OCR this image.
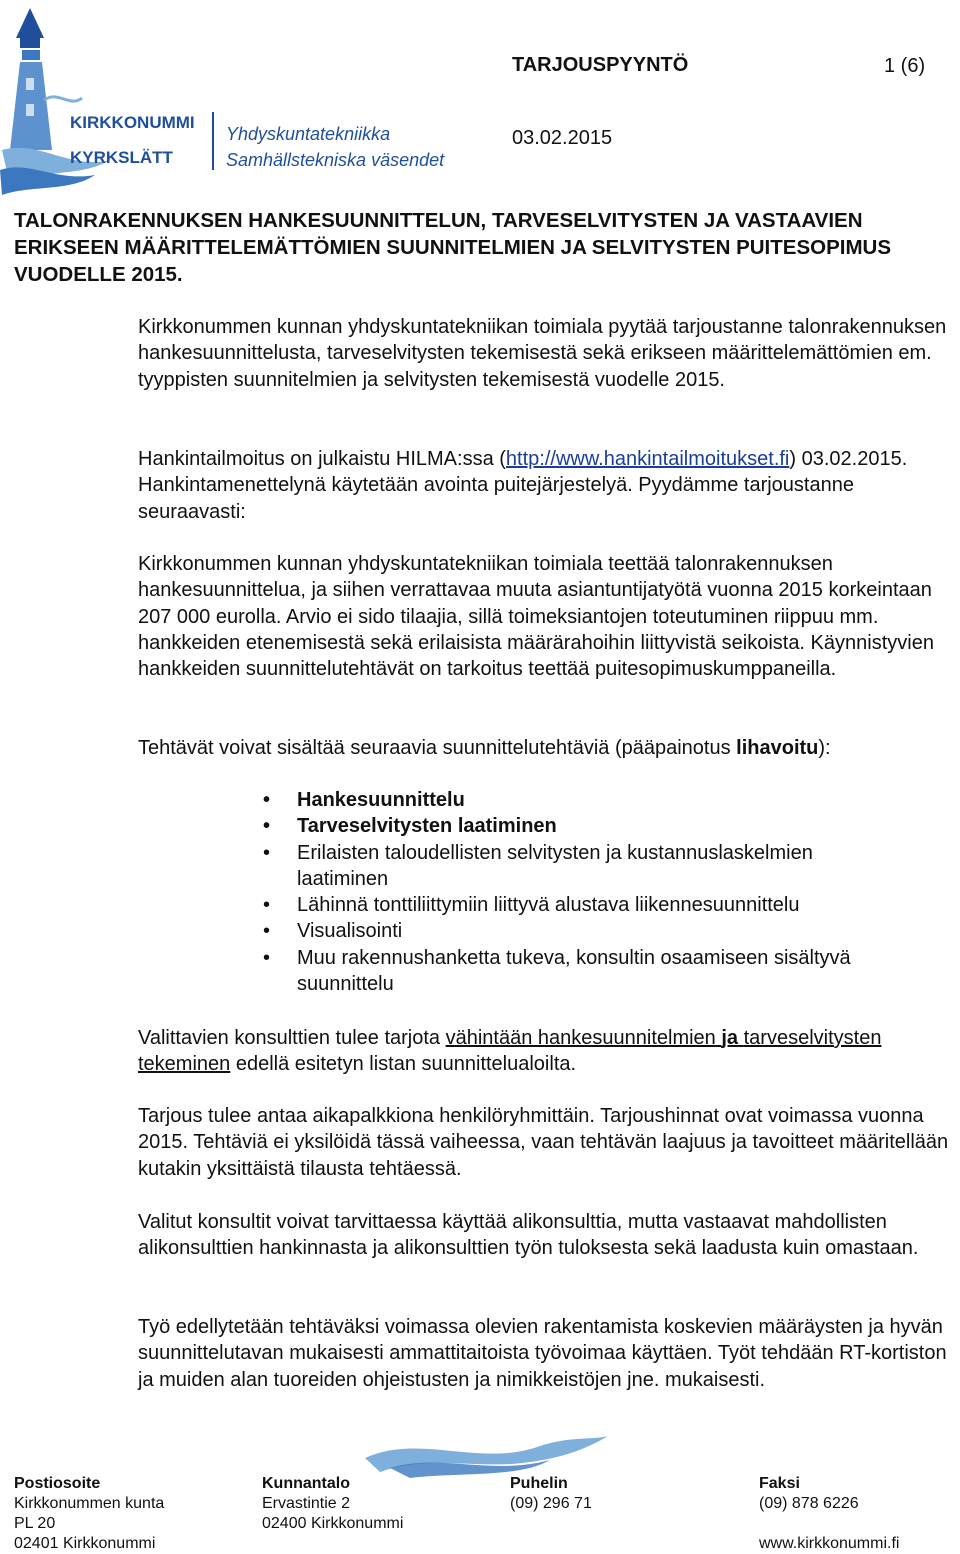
KIRKKONUMMI
KYRKSLÄTT
Yhdyskuntatekniikka
Samhällstekniska väsendet
TARJOUSPYYNTÖ	1 (6)
03.02.2015
TALONRAKENNUKSEN HANKESUUNNITTELUN, TARVESELVITYSTEN JA VASTAAVIEN ERIKSEEN MÄÄRITTELEMÄTTÖMIEN SUUNNITELMIEN JA SELVITYSTEN PUITESOPIMUS VUODELLE 2015.

Kirkkonummen kunnan yhdyskuntatekniikan toimiala pyytää tarjoustanne talonrakennuksen hankesuunnittelusta, tarveselvitysten tekemisestä sekä erikseen määrittelemättömien em. tyyppisten suunnitelmien ja selvitysten tekemisestä vuodelle 2015.

Hankintailmoitus on julkaistu HILMA:ssa (http://www.hankintailmoitukset.fi) 03.02.2015. Hankintamenettelynä käytetään avointa puitejärjestelyä. Pyydämme tarjoustanne seuraavasti:

Kirkkonummen kunnan yhdyskuntatekniikan toimiala teettää talonrakennuksen hankesuunnittelua, ja siihen verrattavaa muuta asiantuntijatyötä vuonna 2015 korkeintaan 207 000 eurolla. Arvio ei sido tilaajia, sillä toimeksiantojen toteutuminen riippuu mm. hankkeiden etenemisestä sekä erilaisista määrärahoihin liittyvistä seikoista. Käynnistyvien hankkeiden suunnittelutehtävät on tarkoitus teettää puitesopimuskumppaneilla.

Tehtävät voivat sisältää seuraavia suunnittelutehtäviä (pääpainotus lihavoitu):

• Hankesuunnittelu
• Tarveselvitysten laatiminen
• Erilaisten taloudellisten selvitysten ja kustannuslaskelmien laatiminen
• Lähinnä tonttiliittymiin liittyvä alustava liikennesuunnittelu
• Visualisointi
• Muu rakennushanketta tukeva, konsultin osaamiseen sisältyvä suunnittelu

Valittavien konsulttien tulee tarjota vähintään hankesuunnitelmien ja tarveselvitysten tekeminen edellä esitetyn listan suunnittelualoilta.

Tarjous tulee antaa aikapalkkiona henkilöryhmittäin. Tarjoushinnat ovat voimassa vuonna 2015. Tehtäviä ei yksilöidä tässä vaiheessa, vaan tehtävän laajuus ja tavoitteet määritellään kutakin yksittäistä tilausta tehtäessä.

Valitut konsultit voivat tarvittaessa käyttää alikonsulttia, mutta vastaavat mahdollisten alikonsulttien hankinnasta ja alikonsulttien työn tuloksesta sekä laadusta kuin omastaan.

Työ edellytetään tehtäväksi voimassa olevien rakentamista koskevien määräysten ja hyvän suunnittelutavan mukaisesti ammattitaitoista työvoimaa käyttäen. Työt tehdään RT-kortiston ja muiden alan tuoreiden ohjeistusten ja nimikkeistöjen jne. mukaisesti.

Postiosoite
Kirkkonummen kunta
PL 20
02401 Kirkkonummi
Kunnantalo
Ervastintie 2
02400 Kirkkonummi
Puhelin
(09) 296 71
Faksi
(09) 878 6226
www.kirkkonummi.fi
